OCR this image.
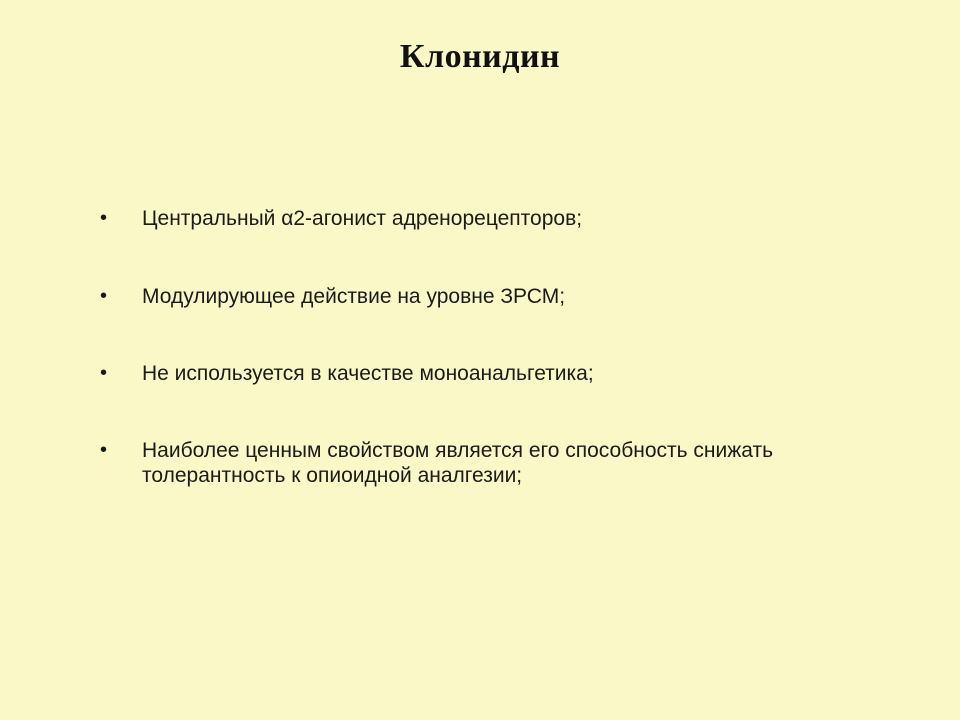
Клонидин
• Центральный α2-агонист адренорецепторов;
• Модулирующее действие на уровне ЗРСМ;
• Не используется в качестве моноанальгетика;
• Наиболее ценным свойством является его способность снижать толерантность к опиоидной аналгезии;
